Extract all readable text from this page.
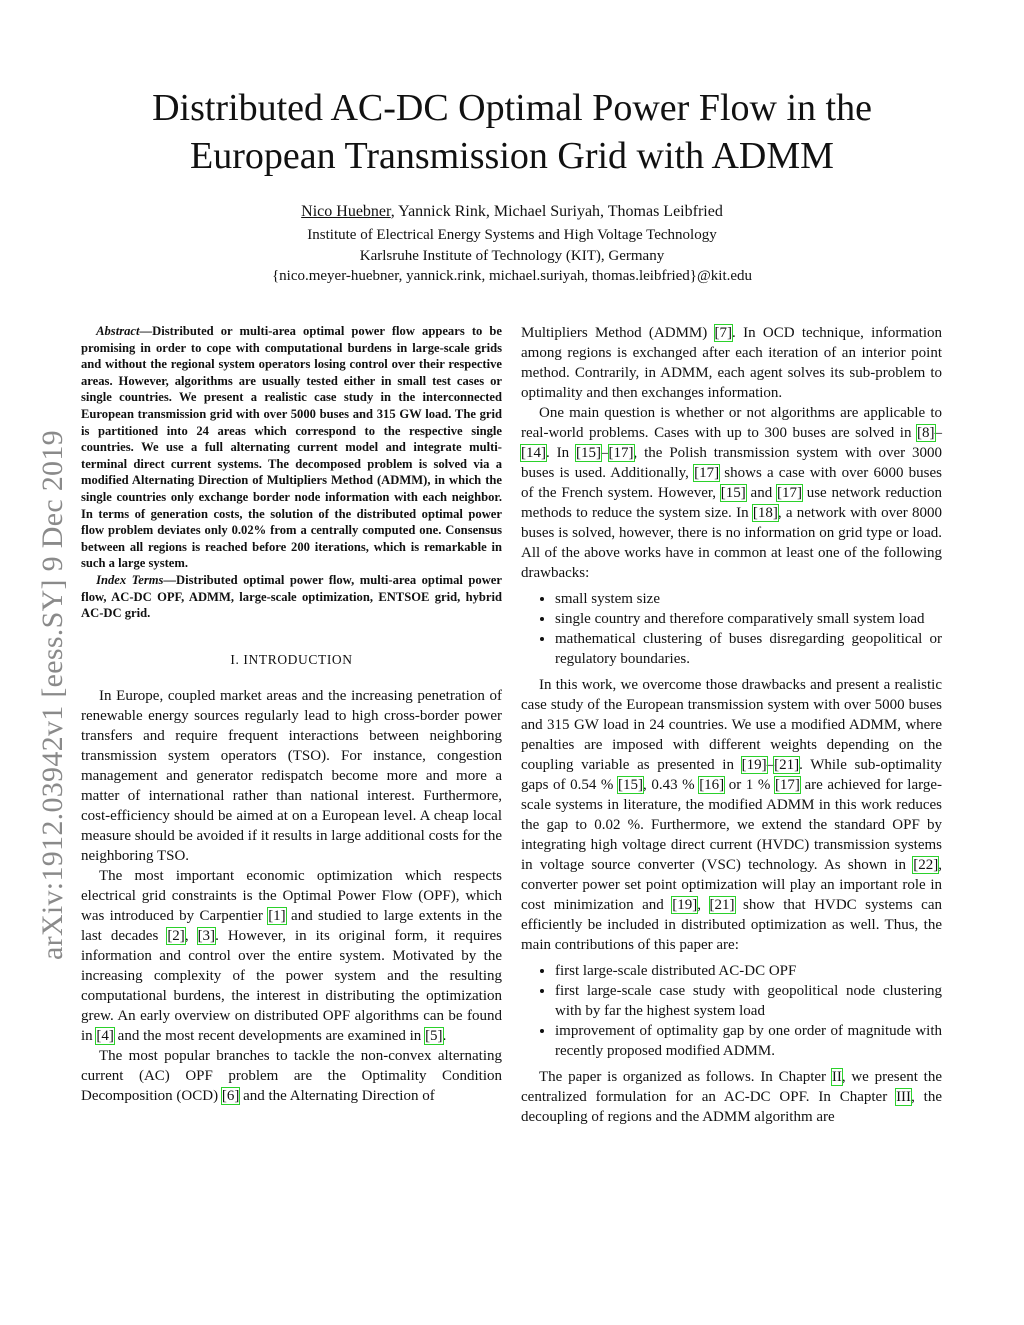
arXiv:1912.03942v1 [eess.SY] 9 Dec 2019
Distributed AC-DC Optimal Power Flow in the
European Transmission Grid with ADMM
Nico Huebner, Yannick Rink, Michael Suriyah, Thomas Leibfried
Institute of Electrical Energy Systems and High Voltage Technology
Karlsruhe Institute of Technology (KIT), Germany
{nico.meyer-huebner, yannick.rink, michael.suriyah, thomas.leibfried}@kit.edu

Abstract—Distributed or multi-area optimal power flow appears to be promising in order to cope with computational burdens in large-scale grids and without the regional system operators losing control over their respective areas. However, algorithms are usually tested either in small test cases or single countries. We present a realistic case study in the interconnected European transmission grid with over 5000 buses and 315 GW load. The grid is partitioned into 24 areas which correspond to the respective single countries. We use a full alternating current model and integrate multi-terminal direct current systems. The decomposed problem is solved via a modified Alternating Direction of Multipliers Method (ADMM), in which the single countries only exchange border node information with each neighbor. In terms of generation costs, the solution of the distributed optimal power flow problem deviates only 0.02% from a centrally computed one. Consensus between all regions is reached before 200 iterations, which is remarkable in such a large system.

Index Terms—Distributed optimal power flow, multi-area optimal power flow, AC-DC OPF, ADMM, large-scale optimization, ENTSOE grid, hybrid AC-DC grid.

I. INTRODUCTION

In Europe, coupled market areas and the increasing penetration of renewable energy sources regularly lead to high cross-border power transfers and require frequent interactions between neighboring transmission system operators (TSO). For instance, congestion management and generator redispatch become more and more a matter of international rather than national interest. Furthermore, cost-efficiency should be aimed at on a European level. A cheap local measure should be avoided if it results in large additional costs for the neighboring TSO.

The most important economic optimization which respects electrical grid constraints is the Optimal Power Flow (OPF), which was introduced by Carpentier [1] and studied to large extents in the last decades [2], [3]. However, in its original form, it requires information and control over the entire system. Motivated by the increasing complexity of the power system and the resulting computational burdens, the interest in distributing the optimization grew. An early overview on distributed OPF algorithms can be found in [4] and the most recent developments are examined in [5].

The most popular branches to tackle the non-convex alternating current (AC) OPF problem are the Optimality Condition Decomposition (OCD) [6] and the Alternating Direction of

Multipliers Method (ADMM) [7]. In OCD technique, information among regions is exchanged after each iteration of an interior point method. Contrarily, in ADMM, each agent solves its sub-problem to optimality and then exchanges information.

One main question is whether or not algorithms are applicable to real-world problems. Cases with up to 300 buses are solved in [8]–[14]. In [15]–[17], the Polish transmission system with over 3000 buses is used. Additionally, [17] shows a case with over 6000 buses of the French system. However, [15] and [17] use network reduction methods to reduce the system size. In [18], a network with over 8000 buses is solved, however, there is no information on grid type or load. All of the above works have in common at least one of the following drawbacks:

• small system size
• single country and therefore comparatively small system load
• mathematical clustering of buses disregarding geopolitical or regulatory boundaries.

In this work, we overcome those drawbacks and present a realistic case study of the European transmission system with over 5000 buses and 315 GW load in 24 countries. We use a modified ADMM, where penalties are imposed with different weights depending on the coupling variable as presented in [19]–[21]. While sub-optimality gaps of 0.54 % [15], 0.43 % [16] or 1 % [17] are achieved for large-scale systems in literature, the modified ADMM in this work reduces the gap to 0.02 %. Furthermore, we extend the standard OPF by integrating high voltage direct current (HVDC) transmission systems in voltage source converter (VSC) technology. As shown in [22], converter power set point optimization will play an important role in cost minimization and [19], [21] show that HVDC systems can efficiently be included in distributed optimization as well. Thus, the main contributions of this paper are:

• first large-scale distributed AC-DC OPF
• first large-scale case study with geopolitical node clustering with by far the highest system load
• improvement of optimality gap by one order of magnitude with recently proposed modified ADMM.

The paper is organized as follows. In Chapter II, we present the centralized formulation for an AC-DC OPF. In Chapter III, the decoupling of regions and the ADMM algorithm are
